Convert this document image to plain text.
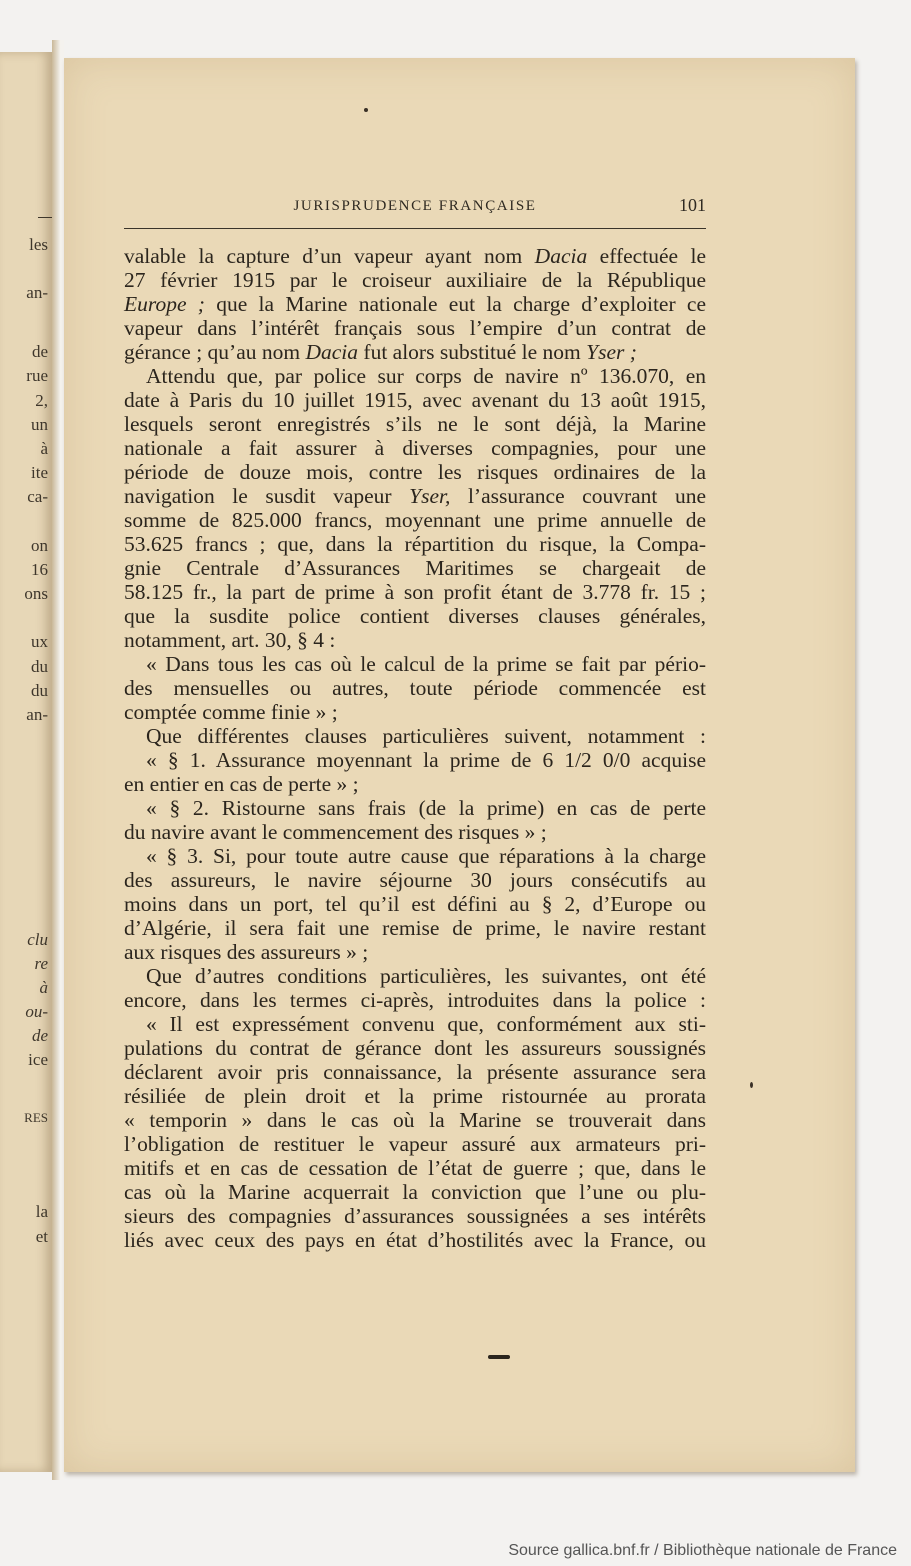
les
an-
de
rue
2,
un
à
ite
ca-
on
16
ons
ux
du
du
an-
clu
re
à
ou-
de
ice
RES
la
et
JURISPRUDENCE FRANÇAISE	101
valable la capture d’un vapeur ayant nom Dacia effectuée le
27 février 1915 par le croiseur auxiliaire de la République
Europe ; que la Marine nationale eut la charge d’exploiter ce
vapeur dans l’intérêt français sous l’empire d’un contrat de
gérance ; qu’au nom Dacia fut alors substitué le nom Yser ;
Attendu que, par police sur corps de navire nº 136.070, en
date à Paris du 10 juillet 1915, avec avenant du 13 août 1915,
lesquels seront enregistrés s’ils ne le sont déjà, la Marine
nationale a fait assurer à diverses compagnies, pour une
période de douze mois, contre les risques ordinaires de la
navigation le susdit vapeur Yser, l’assurance couvrant une
somme de 825.000 francs, moyennant une prime annuelle de
53.625 francs ; que, dans la répartition du risque, la Compa-
gnie Centrale d’Assurances Maritimes se chargeait de
58.125 fr., la part de prime à son profit étant de 3.778 fr. 15 ;
que la susdite police contient diverses clauses générales,
notamment, art. 30, § 4 :
« Dans tous les cas où le calcul de la prime se fait par pério-
des mensuelles ou autres, toute période commencée est
comptée comme finie » ;
Que différentes clauses particulières suivent, notamment :
« § 1. Assurance moyennant la prime de 6 1/2 0/0 acquise
en entier en cas de perte » ;
« § 2. Ristourne sans frais (de la prime) en cas de perte
du navire avant le commencement des risques » ;
« § 3. Si, pour toute autre cause que réparations à la charge
des assureurs, le navire séjourne 30 jours consécutifs au
moins dans un port, tel qu’il est défini au § 2, d’Europe ou
d’Algérie, il sera fait une remise de prime, le navire restant
aux risques des assureurs » ;
Que d’autres conditions particulières, les suivantes, ont été
encore, dans les termes ci-après, introduites dans la police :
« Il est expressément convenu que, conformément aux sti-
pulations du contrat de gérance dont les assureurs soussignés
déclarent avoir pris connaissance, la présente assurance sera
résiliée de plein droit et la prime ristournée au prorata
« temporin » dans le cas où la Marine se trouverait dans
l’obligation de restituer le vapeur assuré aux armateurs pri-
mitifs et en cas de cessation de l’état de guerre ; que, dans le
cas où la Marine acquerrait la conviction que l’une ou plu-
sieurs des compagnies d’assurances soussignées a ses intérêts
liés avec ceux des pays en état d’hostilités avec la France, ou
Source gallica.bnf.fr / Bibliothèque nationale de France
